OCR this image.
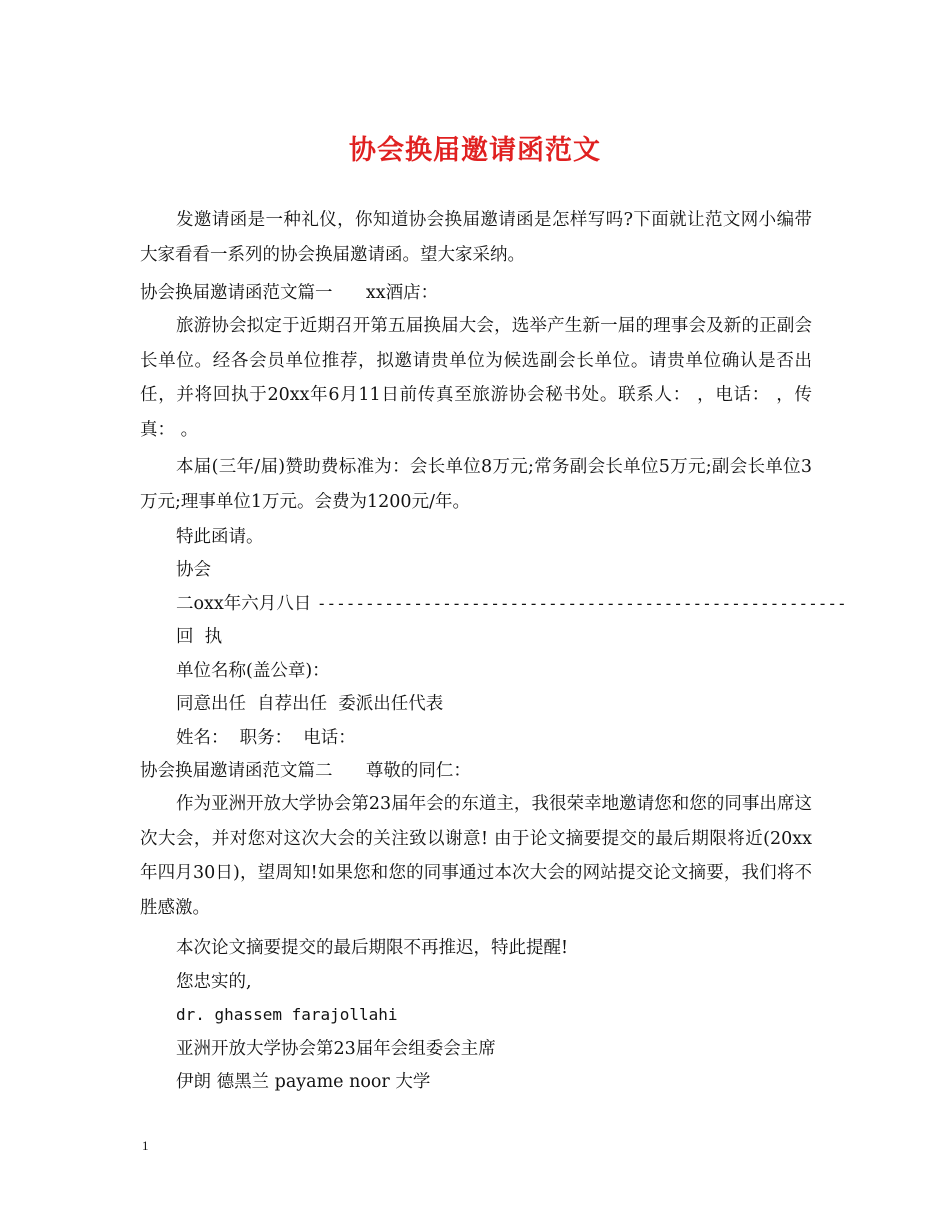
协会换届邀请函范文

发邀请函是一种礼仪，你知道协会换届邀请函是怎样写吗?下面就让范文网小编带大家看看一系列的协会换届邀请函。望大家采纳。

协会换届邀请函范文篇一 xx酒店：

旅游协会拟定于近期召开第五届换届大会，选举产生新一届的理事会及新的正副会长单位。经各会员单位推荐，拟邀请贵单位为候选副会长单位。请贵单位确认是否出任，并将回执于20xx年6月11日前传真至旅游协会秘书处。联系人： ，电话： ，传真： 。

本届(三年/届)赞助费标准为：会长单位8万元;常务副会长单位5万元;副会长单位3万元;理事单位1万元。会费为1200元/年。

特此函请。
协会
二oxx年六月八日 -------------------------------------------------------
回  执
单位名称(盖公章)：
同意出任  自荐出任  委派出任代表
姓名：  职务：  电话：
协会换届邀请函范文篇二 尊敬的同仁：

作为亚洲开放大学协会第23届年会的东道主，我很荣幸地邀请您和您的同事出席这次大会，并对您对这次大会的关注致以谢意! 由于论文摘要提交的最后期限将近(20xx年四月30日)，望周知!如果您和您的同事通过本次大会的网站提交论文摘要，我们将不胜感激。

本次论文摘要提交的最后期限不再推迟，特此提醒!
您忠实的,
dr. ghassem farajollahi
亚洲开放大学协会第23届年会组委会主席
伊朗 德黑兰 payame noor 大学
1
